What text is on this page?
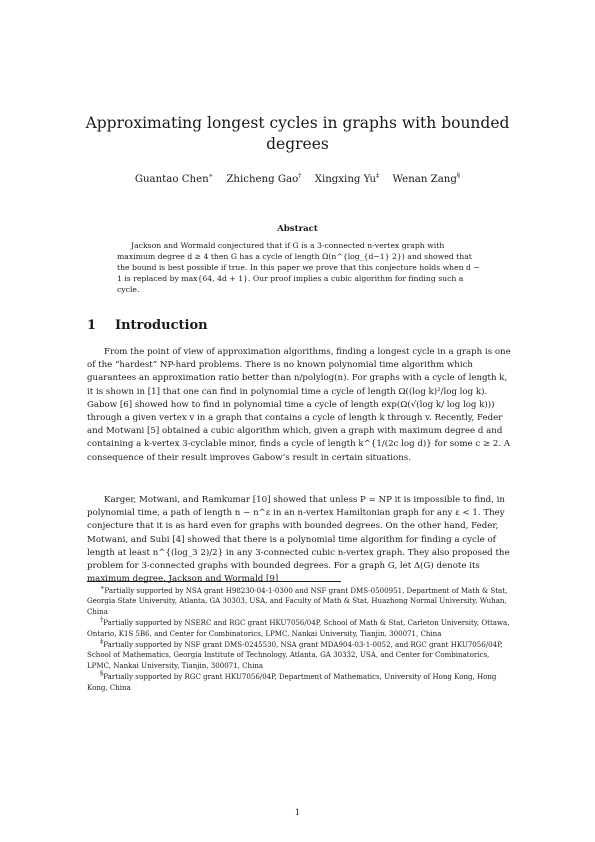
Approximating longest cycles in graphs with bounded degrees
Guantao Chen∗ Zhicheng Gao† Xingxing Yu‡ Wenan Zang§
Abstract

Jackson and Wormald conjectured that if G is a 3-connected n-vertex graph with maximum degree d ≥ 4 then G has a cycle of length Ω(n^{log_{d−1} 2}) and showed that the bound is best possible if true. In this paper we prove that this conjecture holds when d − 1 is replaced by max{64, 4d + 1}. Our proof implies a cubic algorithm for finding such a cycle.

1 Introduction

From the point of view of approximation algorithms, finding a longest cycle in a graph is one of the “hardest” NP-hard problems. There is no known polynomial time algorithm which guarantees an approximation ratio better than n/polylog(n). For graphs with a cycle of length k, it is shown in [1] that one can find in polynomial time a cycle of length Ω((log k)²/log log k). Gabow [6] showed how to find in polynomial time a cycle of length exp(Ω(√(log k/ log log k))) through a given vertex v in a graph that contains a cycle of length k through v. Recently, Feder and Motwani [5] obtained a cubic algorithm which, given a graph with maximum degree d and containing a k-vertex 3-cyclable minor, finds a cycle of length k^{1/(2c log d)} for some c ≥ 2. A consequence of their result improves Gabow’s result in certain situations.

Karger, Motwani, and Ramkumar [10] showed that unless P = NP it is impossible to find, in polynomial time, a path of length n − n^ε in an n-vertex Hamiltonian graph for any ε < 1. They conjecture that it is as hard even for graphs with bounded degrees. On the other hand, Feder, Motwani, and Subi [4] showed that there is a polynomial time algorithm for finding a cycle of length at least n^{(log_3 2)/2} in any 3-connected cubic n-vertex graph. They also proposed the problem for 3-connected graphs with bounded degrees. For a graph G, let Δ(G) denote its maximum degree. Jackson and Wormald [9]

∗Partially supported by NSA grant H98230-04-1-0300 and NSF grant DMS-0500951, Department of Math & Stat, Georgia State University, Atlanta, GA 30303, USA, and Faculty of Math & Stat, Huazhong Normal University, Wuhan, China

†Partially supported by NSERC and RGC grant HKU7056/04P, School of Math & Stat, Carleton University, Ottawa, Ontario, K1S 5B6, and Center for Combinatorics, LPMC, Nankai University, Tianjin, 300071, China

‡Partially supported by NSF grant DMS-0245530, NSA grant MDA904-03-1-0052, and RGC grant HKU7056/04P, School of Mathematics, Georgia Institute of Technology, Atlanta, GA 30332, USA, and Center for Combinatorics, LPMC, Nankai University, Tianjin, 300071, China

§Partially supported by RGC grant HKU7056/04P, Department of Mathematics, University of Hong Kong, Hong Kong, China

1
